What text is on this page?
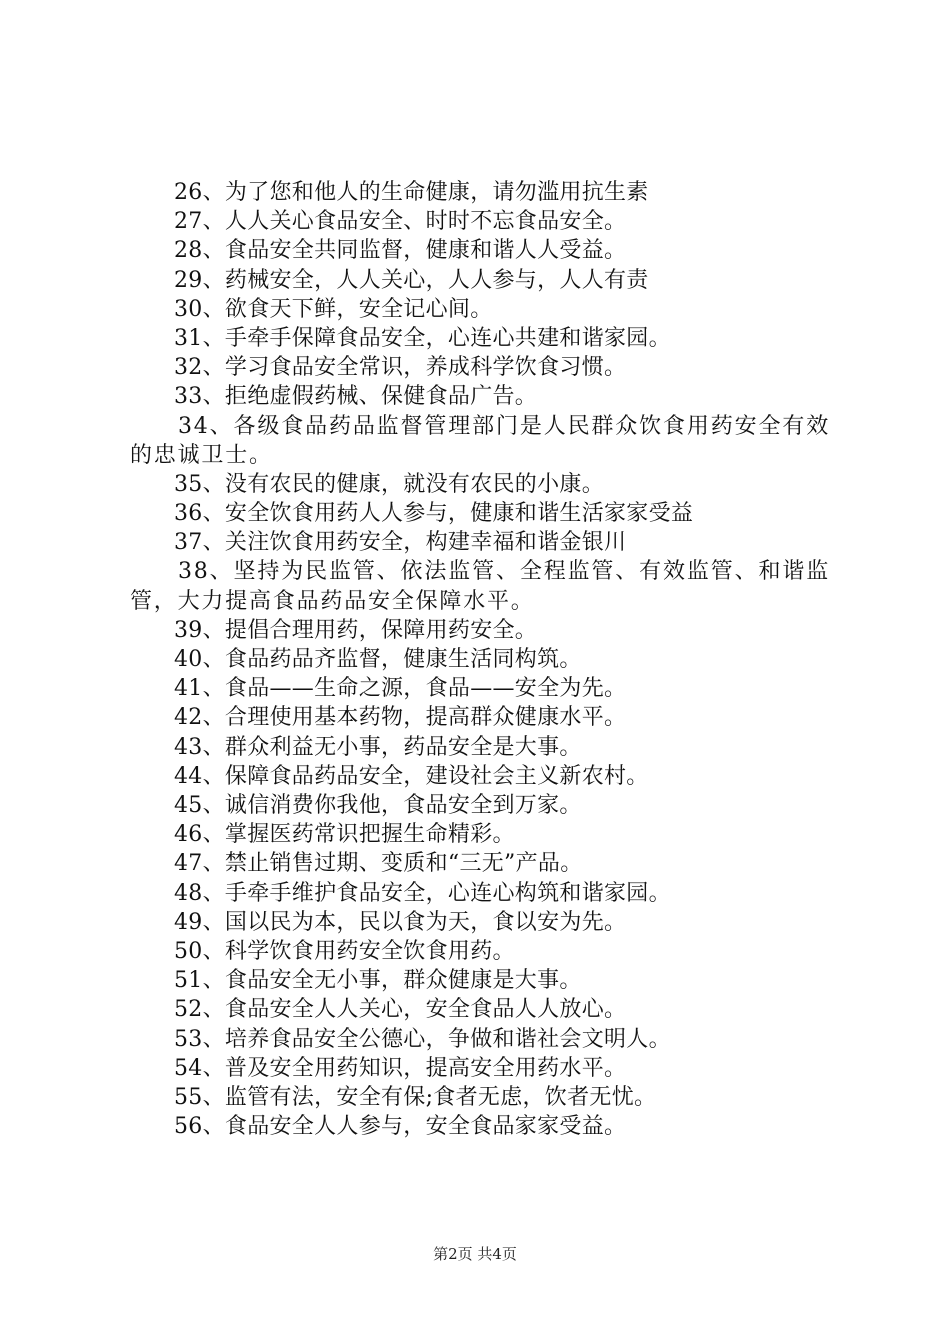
26、为了您和他人的生命健康，请勿滥用抗生素
27、人人关心食品安全、时时不忘食品安全。
28、食品安全共同监督，健康和谐人人受益。
29、药械安全，人人关心，人人参与，人人有责
30、欲食天下鲜，安全记心间。
31、手牵手保障食品安全，心连心共建和谐家园。
32、学习食品安全常识，养成科学饮食习惯。
33、拒绝虚假药械、保健食品广告。
34、各级食品药品监督管理部门是人民群众饮食用药安全有效的忠诚卫士。
35、没有农民的健康，就没有农民的小康。
36、安全饮食用药人人参与，健康和谐生活家家受益
37、关注饮食用药安全，构建幸福和谐金银川
38、坚持为民监管、依法监管、全程监管、有效监管、和谐监管，大力提高食品药品安全保障水平。
39、提倡合理用药，保障用药安全。
40、食品药品齐监督，健康生活同构筑。
41、食品——生命之源，食品——安全为先。
42、合理使用基本药物，提高群众健康水平。
43、群众利益无小事，药品安全是大事。
44、保障食品药品安全，建设社会主义新农村。
45、诚信消费你我他，食品安全到万家。
46、掌握医药常识把握生命精彩。
47、禁止销售过期、变质和“三无”产品。
48、手牵手维护食品安全，心连心构筑和谐家园。
49、国以民为本，民以食为天，食以安为先。
50、科学饮食用药安全饮食用药。
51、食品安全无小事，群众健康是大事。
52、食品安全人人关心，安全食品人人放心。
53、培养食品安全公德心，争做和谐社会文明人。
54、普及安全用药知识，提高安全用药水平。
55、监管有法，安全有保;食者无虑，饮者无忧。
56、食品安全人人参与，安全食品家家受益。
第2页 共4页
